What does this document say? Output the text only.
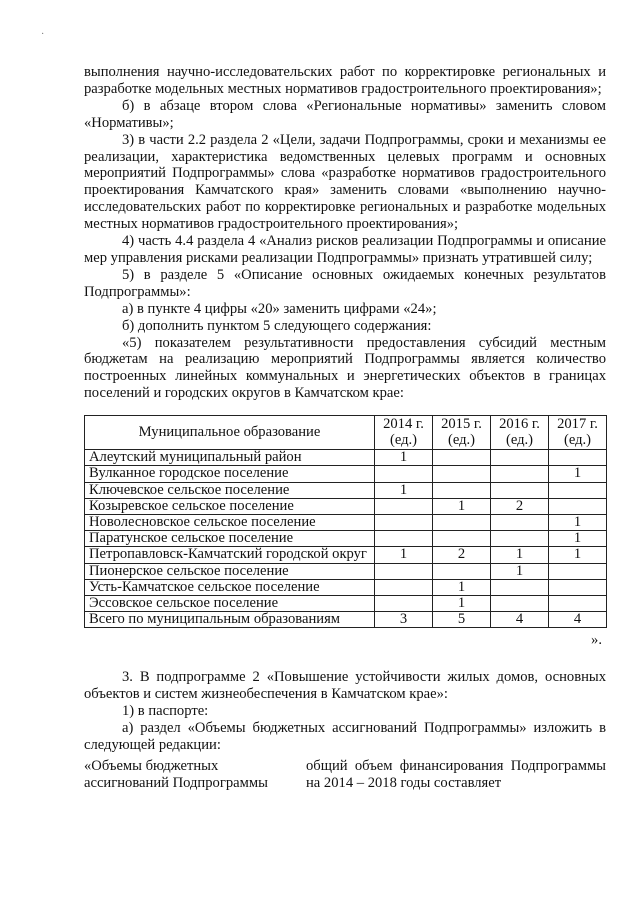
·

выполнения научно-исследовательских работ по корректировке региональных и разработке модельных местных нормативов градостроительного проектирования»;

б) в абзаце втором слова «Региональные нормативы» заменить словом «Нормативы»;

3) в части 2.2 раздела 2 «Цели, задачи Подпрограммы, сроки и механизмы ее реализации, характеристика ведомственных целевых программ и основных мероприятий Подпрограммы» слова «разработке нормативов градостроительного проектирования Камчатского края» заменить словами «выполнению научно-исследовательских работ по корректировке региональных и разработке модельных местных нормативов градостроительного проектирования»;

4) часть 4.4 раздела 4 «Анализ рисков реализации Подпрограммы и описание мер управления рисками реализации Подпрограммы» признать утратившей силу;

5) в разделе 5 «Описание основных ожидаемых конечных результатов Подпрограммы»:

а) в пункте 4 цифры «20» заменить цифрами «24»;

б) дополнить пунктом 5 следующего содержания:

«5) показателем результативности предоставления субсидий местным бюджетам на реализацию мероприятий Подпрограммы является количество построенных линейных коммунальных и энергетических объектов в границах поселений и городских округов в Камчатском крае:

Муниципальное образование	2014 г. (ед.)	2015 г. (ед.)	2016 г. (ед.)	2017 г. (ед.)
Алеутский муниципальный район	1			
Вулканное городское поселение				1
Ключевское сельское поселение	1			
Козыревское сельское поселение		1	2	
Новолесновское сельское поселение				1
Паратунское сельское поселение				1
Петропавловск-Камчатский городской округ	1	2	1	1
Пионерское сельское поселение			1	
Усть-Камчатское сельское поселение		1		
Эссовское сельское поселение		1		
Всего по муниципальным образованиям	3	5	4	4
».

3. В подпрограмме 2 «Повышение устойчивости жилых домов, основных объектов и систем жизнеобеспечения в Камчатском крае»:

1) в паспорте:

а) раздел «Объемы бюджетных ассигнований Подпрограммы» изложить в следующей редакции:

«Объемы бюджетных ассигнований Подпрограммы
общий объем финансирования Подпрограммы на 2014 – 2018 годы составляет
